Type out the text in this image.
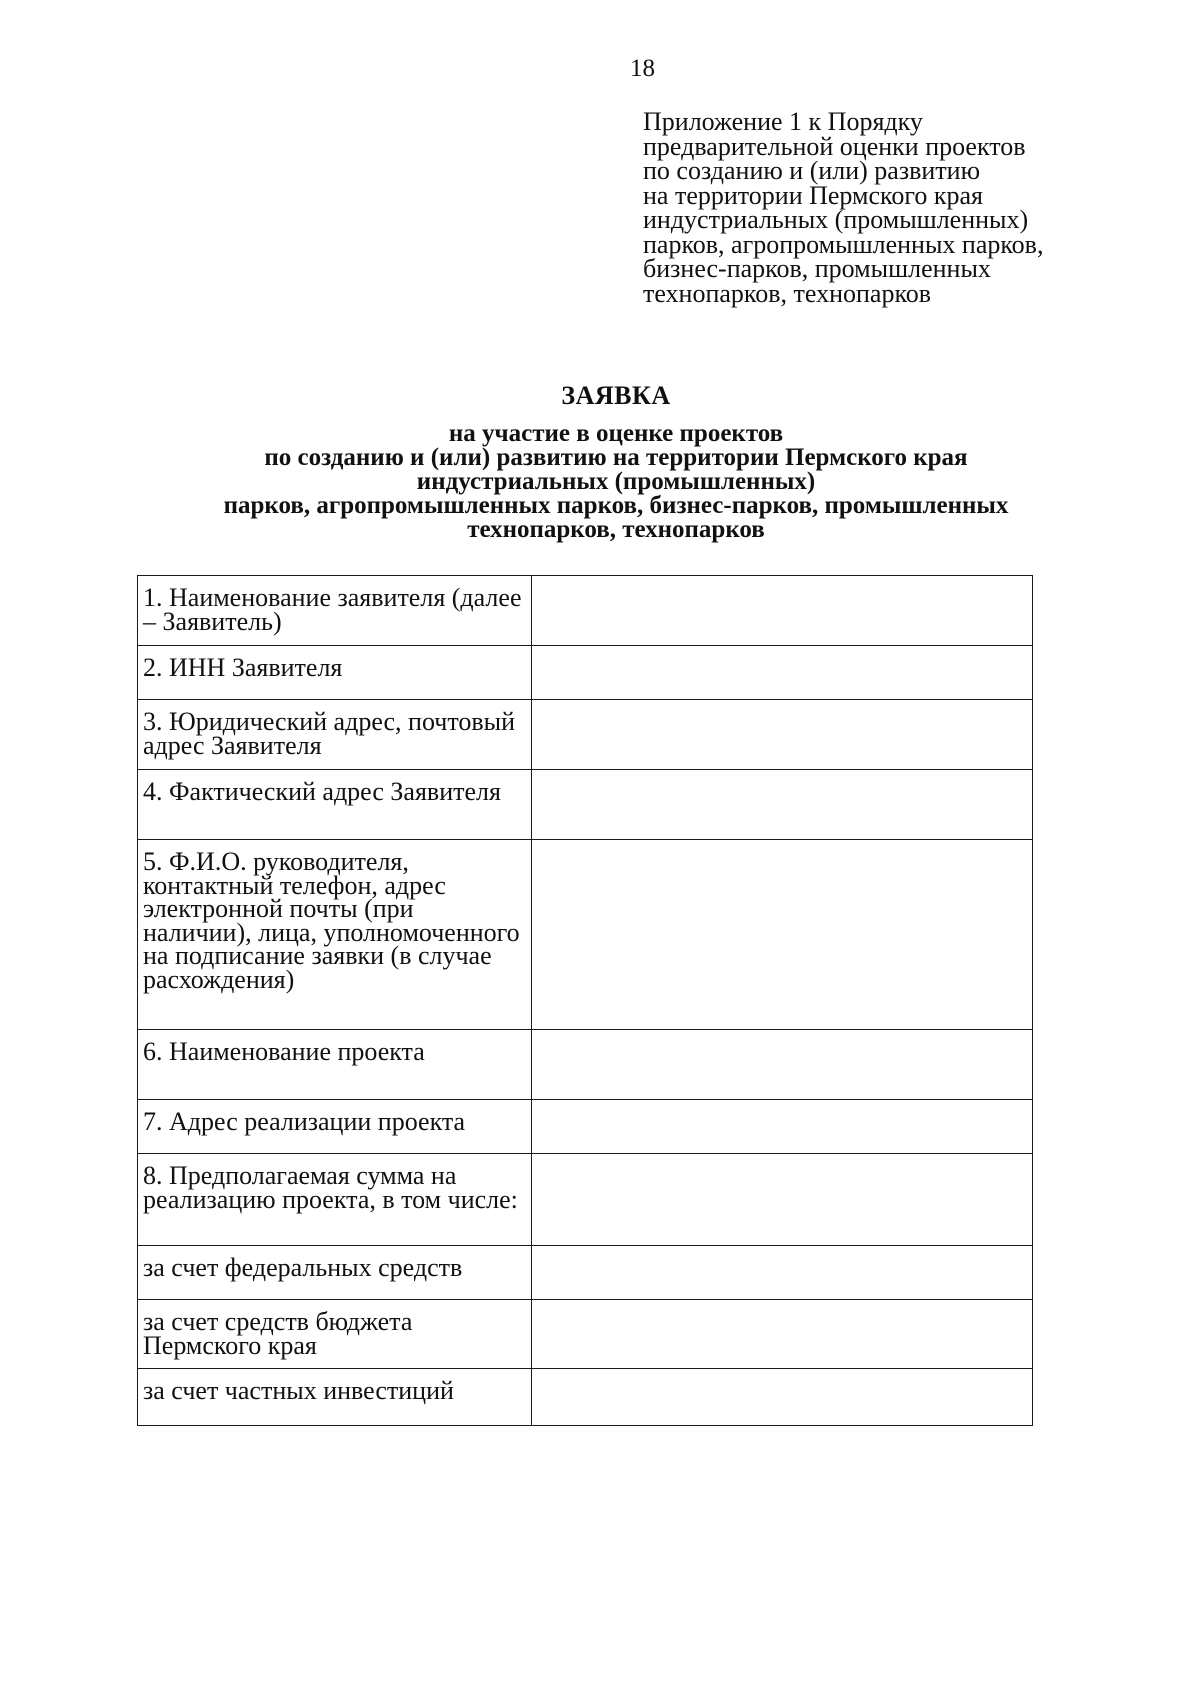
18
Приложение 1 к Порядку
предварительной оценки проектов
по созданию и (или) развитию
на территории Пермского края
индустриальных (промышленных)
парков, агропромышленных парков,
бизнес-парков, промышленных
технопарков, технопарков
ЗАЯВКА
на участие в оценке проектов
по созданию и (или) развитию на территории Пермского края
индустриальных (промышленных)
парков, агропромышленных парков, бизнес-парков, промышленных
технопарков, технопарков
1. Наименование заявителя (далее – Заявитель)	
2. ИНН Заявителя	
3. Юридический адрес, почтовый адрес Заявителя	
4. Фактический адрес Заявителя	
5. Ф.И.О. руководителя, контактный телефон, адрес электронной почты (при наличии), лица, уполномоченного на подписание заявки (в случае расхождения)	
6. Наименование проекта	
7. Адрес реализации проекта	
8. Предполагаемая сумма на реализацию проекта, в том числе:	
за счет федеральных средств	
за счет средств бюджета Пермского края	
за счет частных инвестиций	
